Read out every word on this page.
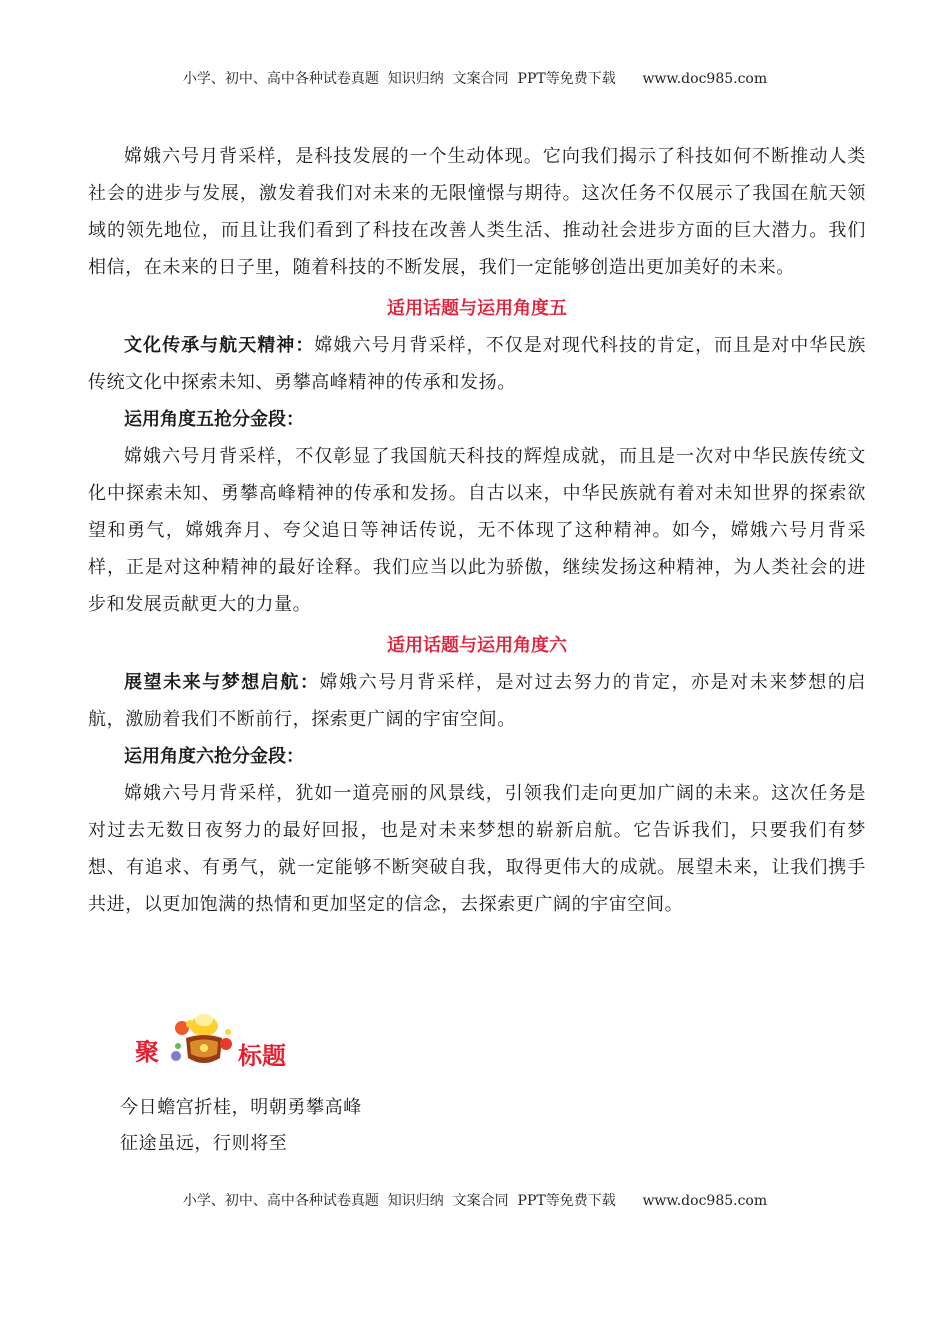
小学、初中、高中各种试卷真题  知识归纳  文案合同  PPT等免费下载      www.doc985.com

嫦娥六号月背采样，是科技发展的一个生动体现。它向我们揭示了科技如何不断推动人类社会的进步与发展，激发着我们对未来的无限憧憬与期待。这次任务不仅展示了我国在航天领域的领先地位，而且让我们看到了科技在改善人类生活、推动社会进步方面的巨大潜力。我们相信，在未来的日子里，随着科技的不断发展，我们一定能够创造出更加美好的未来。

适用话题与运用角度五

文化传承与航天精神：嫦娥六号月背采样，不仅是对现代科技的肯定，而且是对中华民族传统文化中探索未知、勇攀高峰精神的传承和发扬。

运用角度五抢分金段：

嫦娥六号月背采样，不仅彰显了我国航天科技的辉煌成就，而且是一次对中华民族传统文化中探索未知、勇攀高峰精神的传承和发扬。自古以来，中华民族就有着对未知世界的探索欲望和勇气，嫦娥奔月、夸父追日等神话传说，无不体现了这种精神。如今，嫦娥六号月背采样，正是对这种精神的最好诠释。我们应当以此为骄傲，继续发扬这种精神，为人类社会的进步和发展贡献更大的力量。

适用话题与运用角度六

展望未来与梦想启航：嫦娥六号月背采样，是对过去努力的肯定，亦是对未来梦想的启航，激励着我们不断前行，探索更广阔的宇宙空间。

运用角度六抢分金段：

嫦娥六号月背采样，犹如一道亮丽的风景线，引领我们走向更加广阔的未来。这次任务是对过去无数日夜努力的最好回报，也是对未来梦想的崭新启航。它告诉我们，只要我们有梦想、有追求、有勇气，就一定能够不断突破自我，取得更伟大的成就。展望未来，让我们携手共进，以更加饱满的热情和更加坚定的信念，去探索更广阔的宇宙空间。

聚	标题

今日蟾宫折桂，明朝勇攀高峰

征途虽远，行则将至

小学、初中、高中各种试卷真题  知识归纳  文案合同  PPT等免费下载      www.doc985.com
